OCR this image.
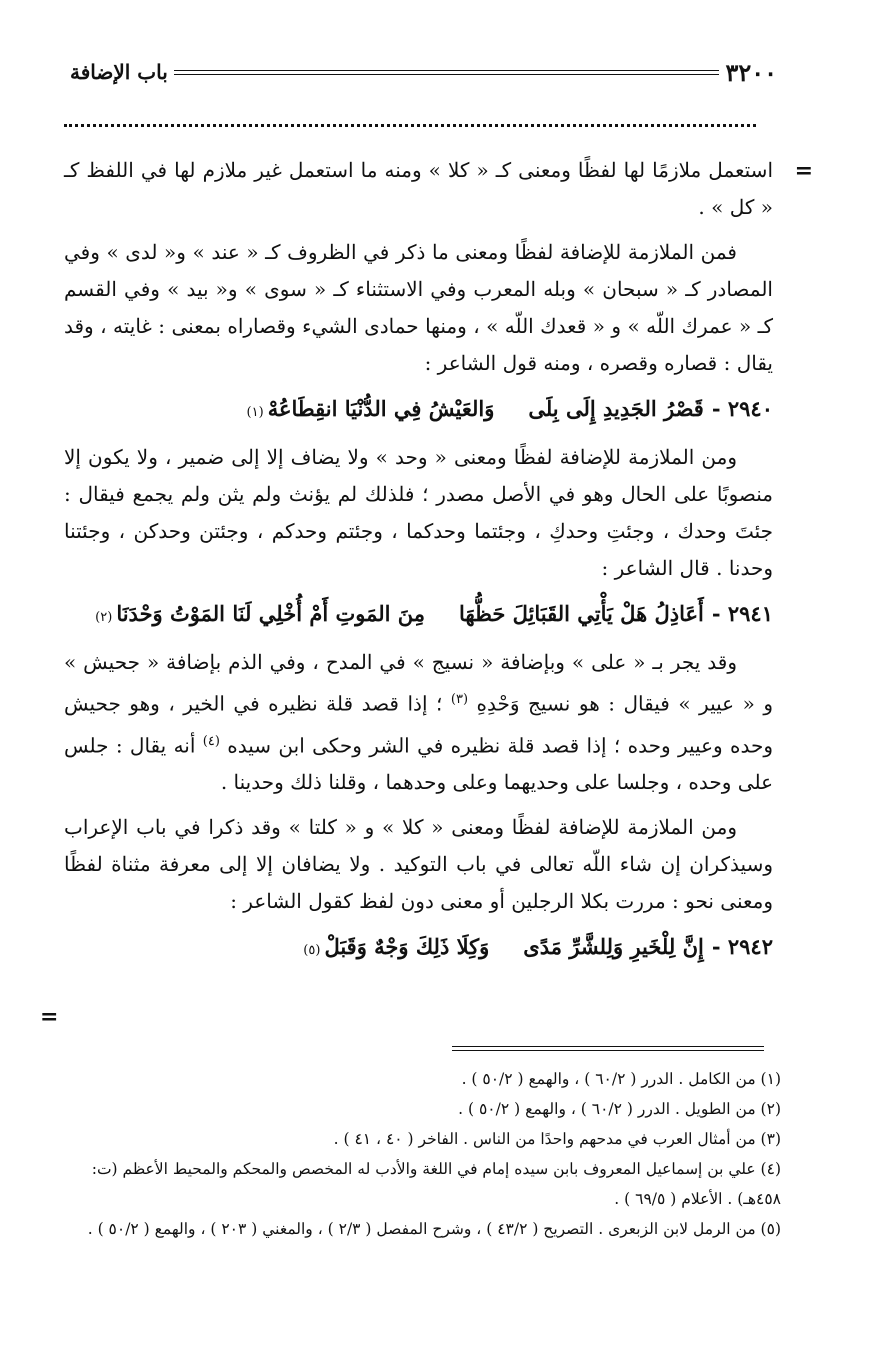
٣٢٠٠
باب الإضافة
=

استعمل ملازمًا لها لفظًا ومعنى كـ « كلا » ومنه ما استعمل غير ملازم لها في اللفظ كـ « كل » .

فمن الملازمة للإضافة لفظًا ومعنى ما ذكر في الظروف كـ « عند » و« لدى » وفي المصادر كـ « سبحان » وبله المعرب وفي الاستثناء كـ « سوى » و« بيد » وفي القسم كـ « عمرك اللّه » و « قعدك اللّه » ، ومنها حمادى الشيء وقصاراه بمعنى : غايته ، وقد يقال : قصاره وقصره ، ومنه قول الشاعر :

٢٩٤٠ -
قَصْرُ الجَدِيدِ إِلَى بِلَى
وَالعَيْشُ فِي الدُّنْيَا انقِطَاعُهْ
(١)

ومن الملازمة للإضافة لفظًا ومعنى « وحد » ولا يضاف إلا إلى ضمير ، ولا يكون إلا منصوبًا على الحال وهو في الأصل مصدر ؛ فلذلك لم يؤنث ولم يثن ولم يجمع فيقال : جئتَ وحدك ، وجئتِ وحدكِ ، وجئتما وحدكما ، وجئتم وحدكم ، وجئتن وحدكن ، وجئتنا وحدنا . قال الشاعر :

٢٩٤١ -
أَعَاذِلُ هَلْ يَأْتِي القَبَائِلَ حَظُّهَا
مِنَ المَوتِ أَمْ أُخْلِي لَنَا المَوْتُ وَحْدَنَا
(٢)

وقد يجر بـ « على » وبإضافة « نسيج » في المدح ، وفي الذم بإضافة « جحيش » و « عيير » فيقال : هو نسيج وَحْدِهِ $^{(٣)}$ ؛ إذا قصد قلة نظيره في الخير ، وهو جحيش وحده وعيير وحده ؛ إذا قصد قلة نظيره في الشر وحكى ابن سيده $^{(٤)}$ أنه يقال : جلس على وحده ، وجلسا على وحديهما وعلى وحدهما ، وقلنا ذلك وحدينا .

ومن الملازمة للإضافة لفظًا ومعنى « كلا » و « كلتا » وقد ذكرا في باب الإعراب وسيذكران إن شاء اللّه تعالى في باب التوكيد . ولا يضافان إلا إلى معرفة مثناة لفظًا ومعنى نحو : مررت بكلا الرجلين أو معنى دون لفظ كقول الشاعر :

٢٩٤٢ -
إِنَّ لِلْخَيرِ وَلِلشَّرِّ مَدًى
وَكِلَا ذَلِكَ وَجْهٌ وَقَبَلْ
(٥)
=
(١) من الكامل . الدرر ( ٦٠/٢ ) ، والهمع ( ٥٠/٢ ) .
(٢) من الطويل . الدرر ( ٦٠/٢ ) ، والهمع ( ٥٠/٢ ) .
(٣) من أمثال العرب في مدحهم واحدًا من الناس . الفاخر ( ٤٠ ، ٤١ ) .
(٤) علي بن إسماعيل المعروف بابن سيده إمام في اللغة والأدب له المخصص والمحكم والمحيط الأعظم (ت: ٤٥٨هـ) . الأعلام ( ٦٩/٥ ) .
(٥) من الرمل لابن الزبعرى . التصريح ( ٤٣/٢ ) ، وشرح المفصل ( ٢/٣ ) ، والمغني ( ٢٠٣ ) ، والهمع ( ٥٠/٢ ) .
